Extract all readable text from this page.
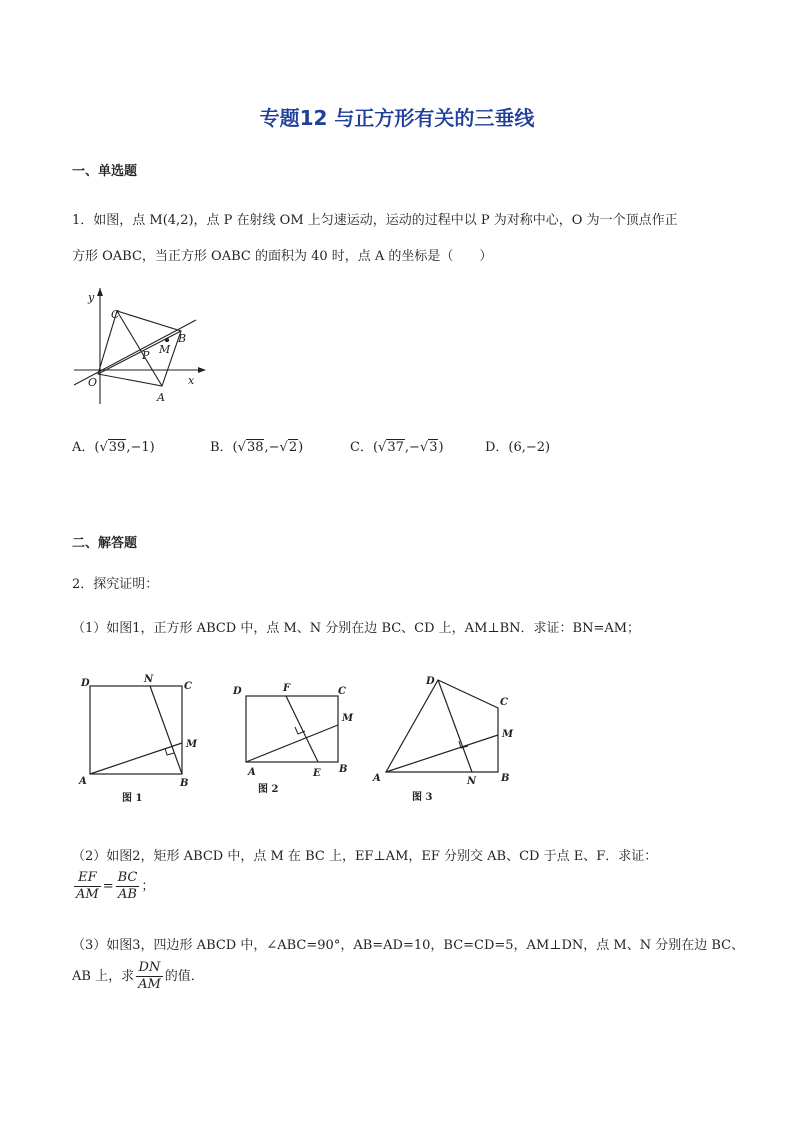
专题12 与正方形有关的三垂线

一、单选题

1．如图，点 M(4,2)，点 P 在射线 OM 上匀速运动，运动的过程中以 P 为对称中心，O 为一个顶点作正
方形 OABC，当正方形 OABC 的面积为 40 时，点 A 的坐标是（　　）
y
x
O
A
B
C
M
P
A．(√39,−1)	B．(√38,−√2)	C．(√37,−√3)	D．(6,−2)

二、解答题

2．探究证明：
（1）如图1，正方形 ABCD 中，点 M、N 分别在边 BC、CD 上，AM⊥BN．求证：BN=AM；
D	N
C
M
A	B
图 1
D	F	C
M
A	E B
图 2
D
C
M
A	N B
图 3
（2）如图2，矩形 ABCD 中，点 M 在 BC 上，EF⊥AM，EF 分别交 AB、CD 于点 E、F．求证：
$\frac{EF}{AM} = \frac{BC}{AB}$ ；
（3）如图3，四边形 ABCD 中，∠ABC=90°，AB=AD=10，BC=CD=5，AM⊥DN，点 M、N 分别在边 BC、
AB 上，求 $\frac{DN}{AM}$ 的值．
